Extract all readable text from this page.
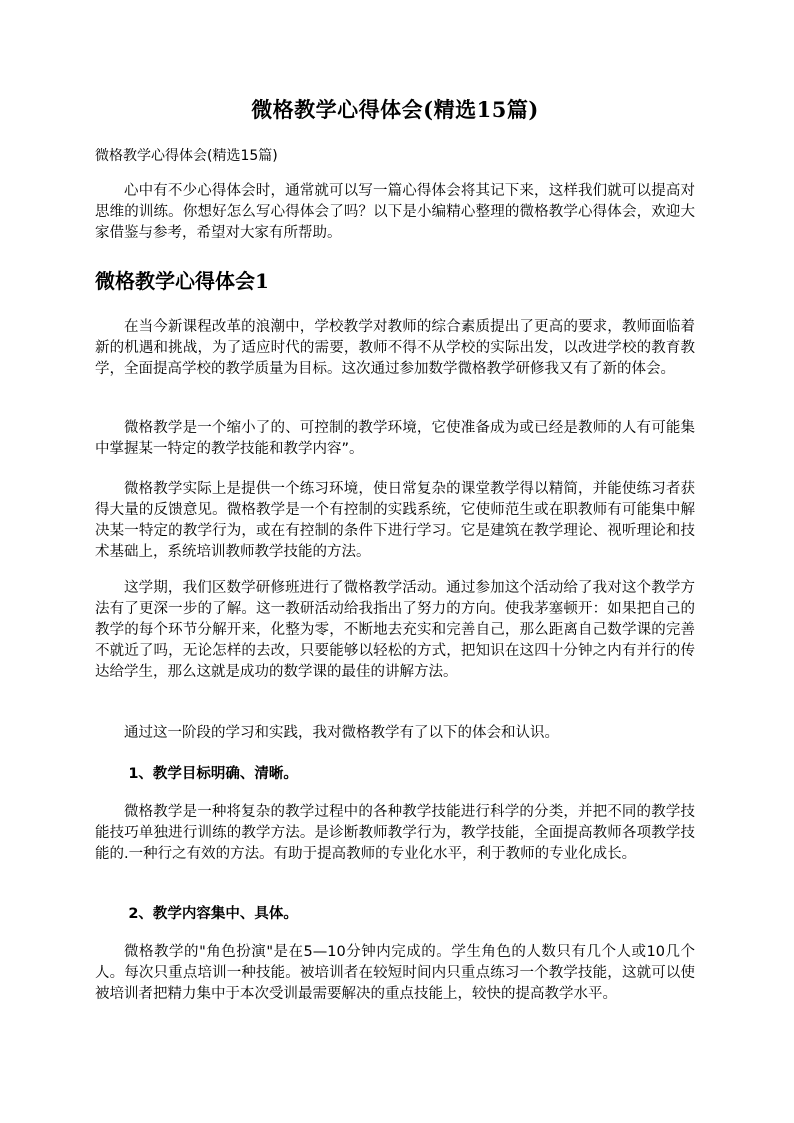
微格教学心得体会(精选15篇)

微格教学心得体会(精选15篇)

心中有不少心得体会时，通常就可以写一篇心得体会将其记下来，这样我们就可以提高对思维的训练。你想好怎么写心得体会了吗？以下是小编精心整理的微格教学心得体会，欢迎大家借鉴与参考，希望对大家有所帮助。

微格教学心得体会1

在当今新课程改革的浪潮中，学校教学对教师的综合素质提出了更高的要求，教师面临着新的机遇和挑战，为了适应时代的需要，教师不得不从学校的实际出发，以改进学校的教育教学，全面提高学校的教学质量为目标。这次通过参加数学微格教学研修我又有了新的体会。

微格教学是一个缩小了的、可控制的教学环境，它使准备成为或已经是教师的人有可能集中掌握某一特定的教学技能和教学内容”。

微格教学实际上是提供一个练习环境，使日常复杂的课堂教学得以精简，并能使练习者获得大量的反馈意见。微格教学是一个有控制的实践系统，它使师范生或在职教师有可能集中解决某一特定的教学行为，或在有控制的条件下进行学习。它是建筑在教学理论、视听理论和技术基础上，系统培训教师教学技能的方法。

这学期，我们区数学研修班进行了微格教学活动。通过参加这个活动给了我对这个教学方法有了更深一步的了解。这一教研活动给我指出了努力的方向。使我茅塞顿开：如果把自己的教学的每个环节分解开来，化整为零，不断地去充实和完善自己，那么距离自己数学课的完善不就近了吗，无论怎样的去改，只要能够以轻松的方式，把知识在这四十分钟之内有并行的传达给学生，那么这就是成功的数学课的最佳的讲解方法。

通过这一阶段的学习和实践，我对微格教学有了以下的体会和认识。

1、教学目标明确、清晰。

微格教学是一种将复杂的教学过程中的各种教学技能进行科学的分类，并把不同的教学技能技巧单独进行训练的教学方法。是诊断教师教学行为，教学技能，全面提高教师各项教学技能的.一种行之有效的方法。有助于提高教师的专业化水平，利于教师的专业化成长。

2、教学内容集中、具体。

微格教学的"角色扮演"是在5—10分钟内完成的。学生角色的人数只有几个人或10几个人。每次只重点培训一种技能。被培训者在较短时间内只重点练习一个教学技能，这就可以使被培训者把精力集中于本次受训最需要解决的重点技能上，较快的提高教学水平。
